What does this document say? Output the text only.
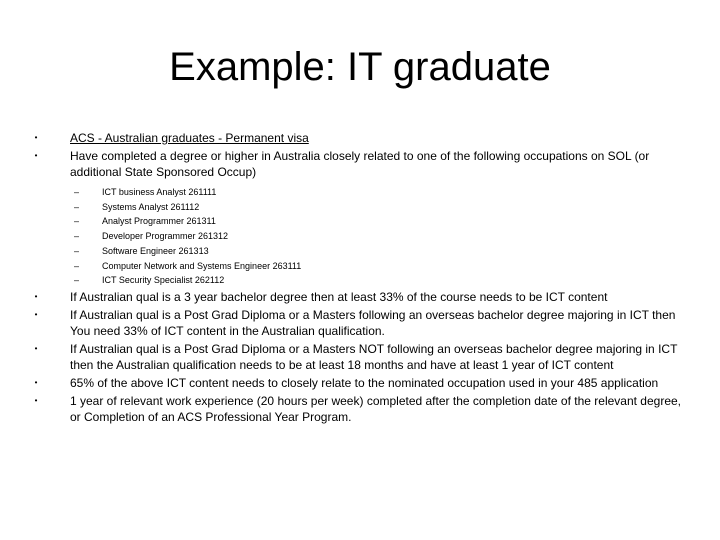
Example: IT graduate
•	ACS - Australian graduates - Permanent visa
•	Have completed a degree or higher in Australia closely related to one of the following occupations on SOL (or additional State Sponsored Occup)
–	ICT business Analyst 261111
–	Systems Analyst 261112
–	Analyst Programmer 261311
–	Developer Programmer 261312
–	Software Engineer 261313
–	Computer Network and Systems Engineer 263111
–	ICT Security Specialist 262112
•	If Australian qual is a 3 year bachelor degree then at least 33% of the course needs to be ICT content
•	If Australian qual is a Post Grad Diploma or a Masters following an overseas bachelor degree majoring in ICT then You need 33% of ICT content in the Australian qualification.
•	If Australian qual is a Post Grad Diploma or a Masters NOT following an overseas bachelor degree majoring in ICT then the Australian qualification needs to be at least 18 months and have at least 1 year of ICT content
•	65% of the above ICT content needs to closely relate to the nominated occupation used in your 485 application
•	1 year of relevant work experience (20 hours per week) completed after the completion date of the relevant degree, or Completion of an ACS Professional Year Program.
